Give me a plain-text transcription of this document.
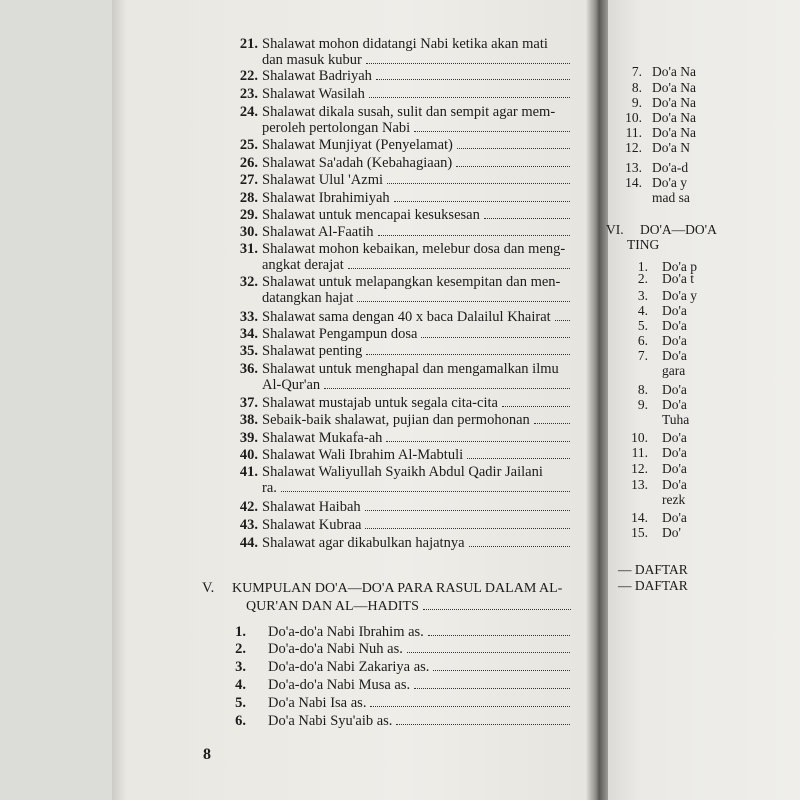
21. Shalawat mohon didatangi Nabi ketika akan mati
dan masuk kubur
22. Shalawat Badriyah
23. Shalawat Wasilah
24. Shalawat dikala susah, sulit dan sempit agar mem-
peroleh pertolongan Nabi
25. Shalawat Munjiyat (Penyelamat)
26. Shalawat Sa'adah (Kebahagiaan)
27. Shalawat Ulul 'Azmi
28. Shalawat Ibrahimiyah
29. Shalawat untuk mencapai kesuksesan
30. Shalawat Al-Faatih
31. Shalawat mohon kebaikan, melebur dosa dan meng-
angkat derajat
32. Shalawat untuk melapangkan kesempitan dan men-
datangkan hajat
33. Shalawat sama dengan 40 x baca Dalailul Khairat
34. Shalawat Pengampun dosa
35. Shalawat penting
36. Shalawat untuk menghapal dan mengamalkan ilmu
Al-Qur'an
37. Shalawat mustajab untuk segala cita-cita
38. Sebaik-baik shalawat, pujian dan permohonan
39. Shalawat Mukafa-ah
40. Shalawat Wali Ibrahim Al-Mabtuli
41. Shalawat Waliyullah Syaikh Abdul Qadir Jailani
ra.
42. Shalawat Haibah
43. Shalawat Kubraa
44. Shalawat agar dikabulkan hajatnya
1. Do'a-do'a Nabi Ibrahim as.
2. Do'a-do'a Nabi Nuh as.
3. Do'a-do'a Nabi Zakariya as.
4. Do'a-do'a Nabi Musa as.
5. Do'a Nabi Isa as.
6. Do'a Nabi Syu'aib as.
V. KUMPULAN DO'A—DO'A PARA RASUL DALAM AL-
QUR'AN DAN AL—HADITS
8
7. Do'a Na
8. Do'a Na
9. Do'a Na
10. Do'a Na
11. Do'a Na
12. Do'a N
13. Do'a-d
14. Do'a y
mad sa
VI. DO'A—DO'A
TING
1. Do'a p
2. Do'a t
3. Do'a y
4. Do'a
5. Do'a
6. Do'a
7. Do'a
gara
8. Do'a
9. Do'a
Tuha
10. Do'a
11. Do'a
12. Do'a
13. Do'a
rezk
14. Do'a
15. Do'
— DAFTAR
— DAFTAR
